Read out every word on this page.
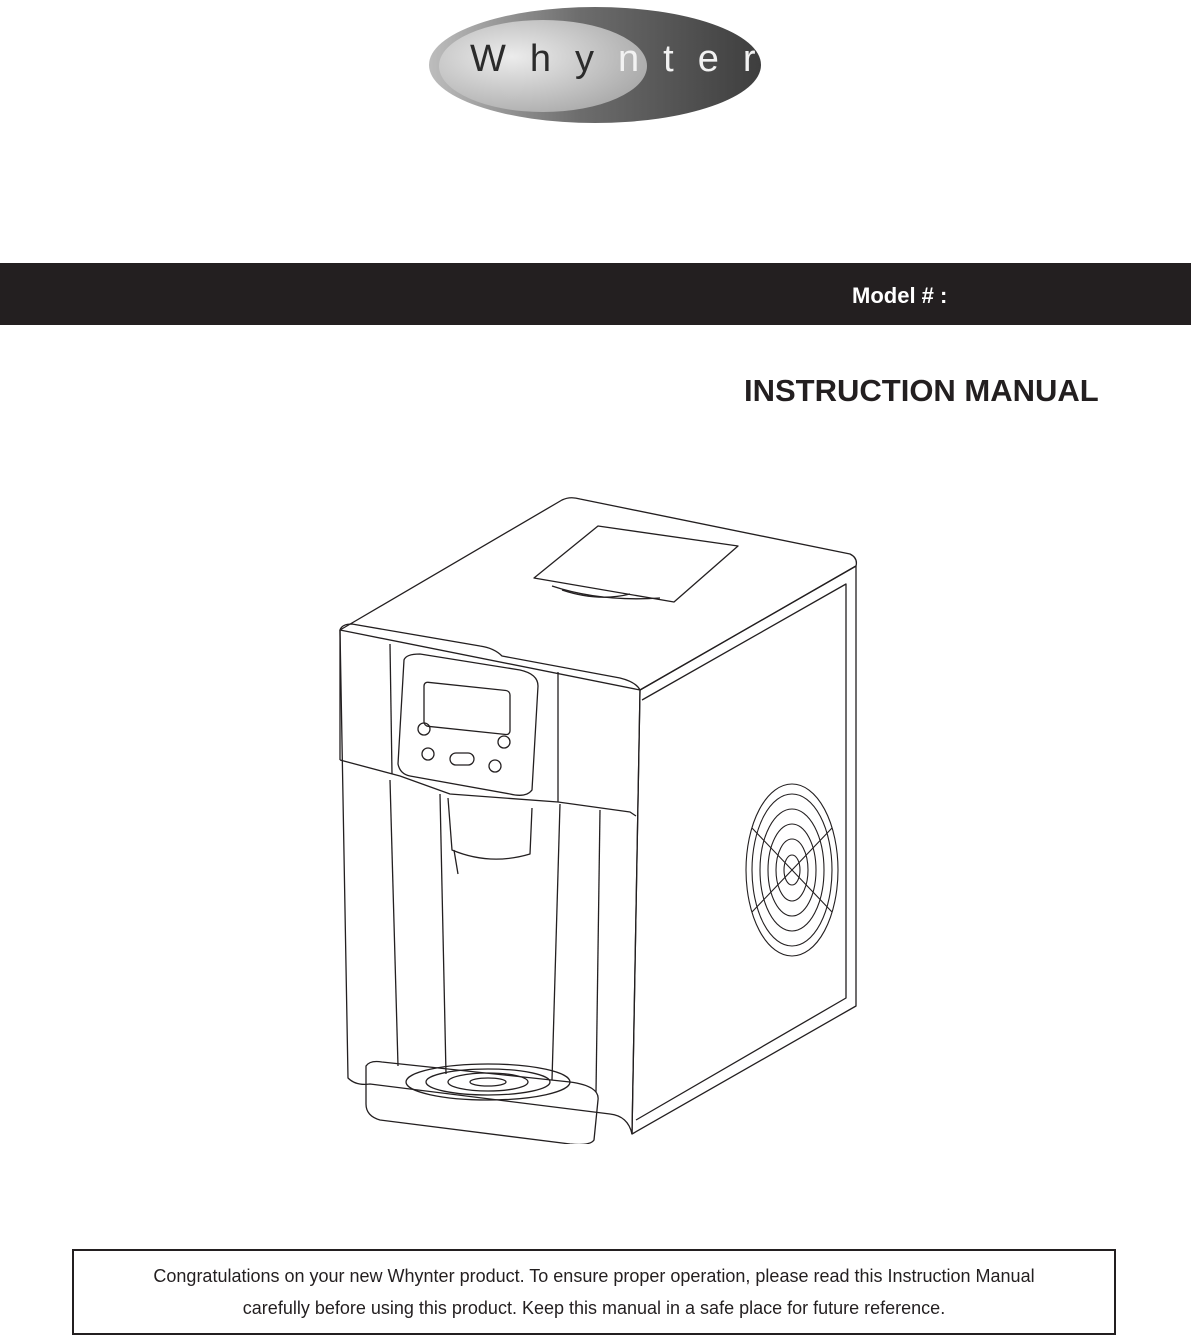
Whynter
Model # :
INSTRUCTION MANUAL

Congratulations on your new Whynter product. To ensure proper operation, please read this Instruction Manual

carefully before using this product. Keep this manual in a safe place for future reference.
